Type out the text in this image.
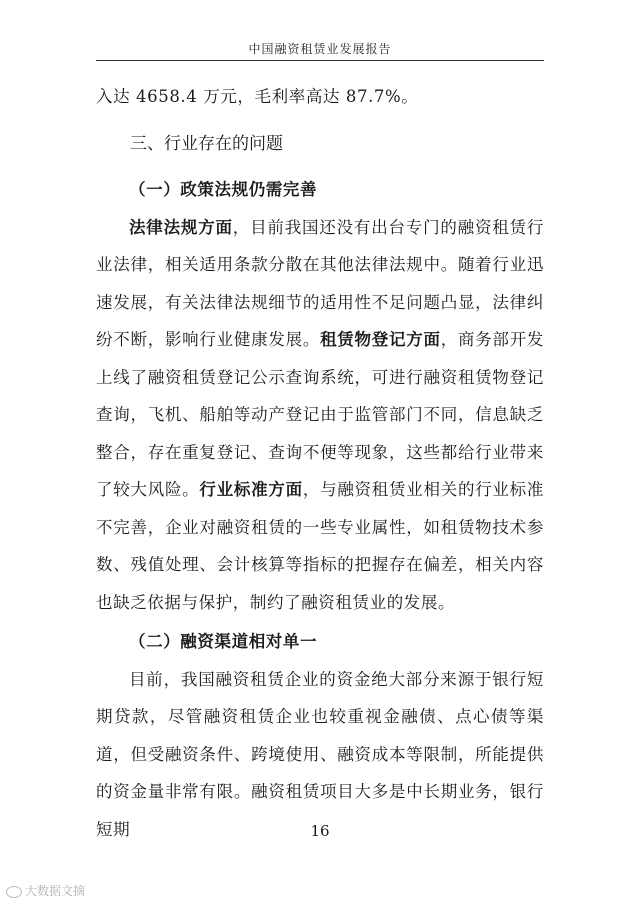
中国融资租赁业发展报告

入达 4658.4 万元，毛利率高达 87.7%。

三、行业存在的问题
（一）政策法规仍需完善

法律法规方面，目前我国还没有出台专门的融资租赁行业法律，相关适用条款分散在其他法律法规中。随着行业迅速发展，有关法律法规细节的适用性不足问题凸显，法律纠纷不断，影响行业健康发展。租赁物登记方面，商务部开发上线了融资租赁登记公示查询系统，可进行融资租赁物登记查询，飞机、船舶等动产登记由于监管部门不同，信息缺乏整合，存在重复登记、查询不便等现象，这些都给行业带来了较大风险。行业标准方面，与融资租赁业相关的行业标准不完善，企业对融资租赁的一些专业属性，如租赁物技术参数、残值处理、会计核算等指标的把握存在偏差，相关内容也缺乏依据与保护，制约了融资租赁业的发展。

（二）融资渠道相对单一

目前，我国融资租赁企业的资金绝大部分来源于银行短期贷款，尽管融资租赁企业也较重视金融债、点心债等渠道，但受融资条件、跨境使用、融资成本等限制，所能提供的资金量非常有限。融资租赁项目大多是中长期业务，银行短期	16
大数据文摘
